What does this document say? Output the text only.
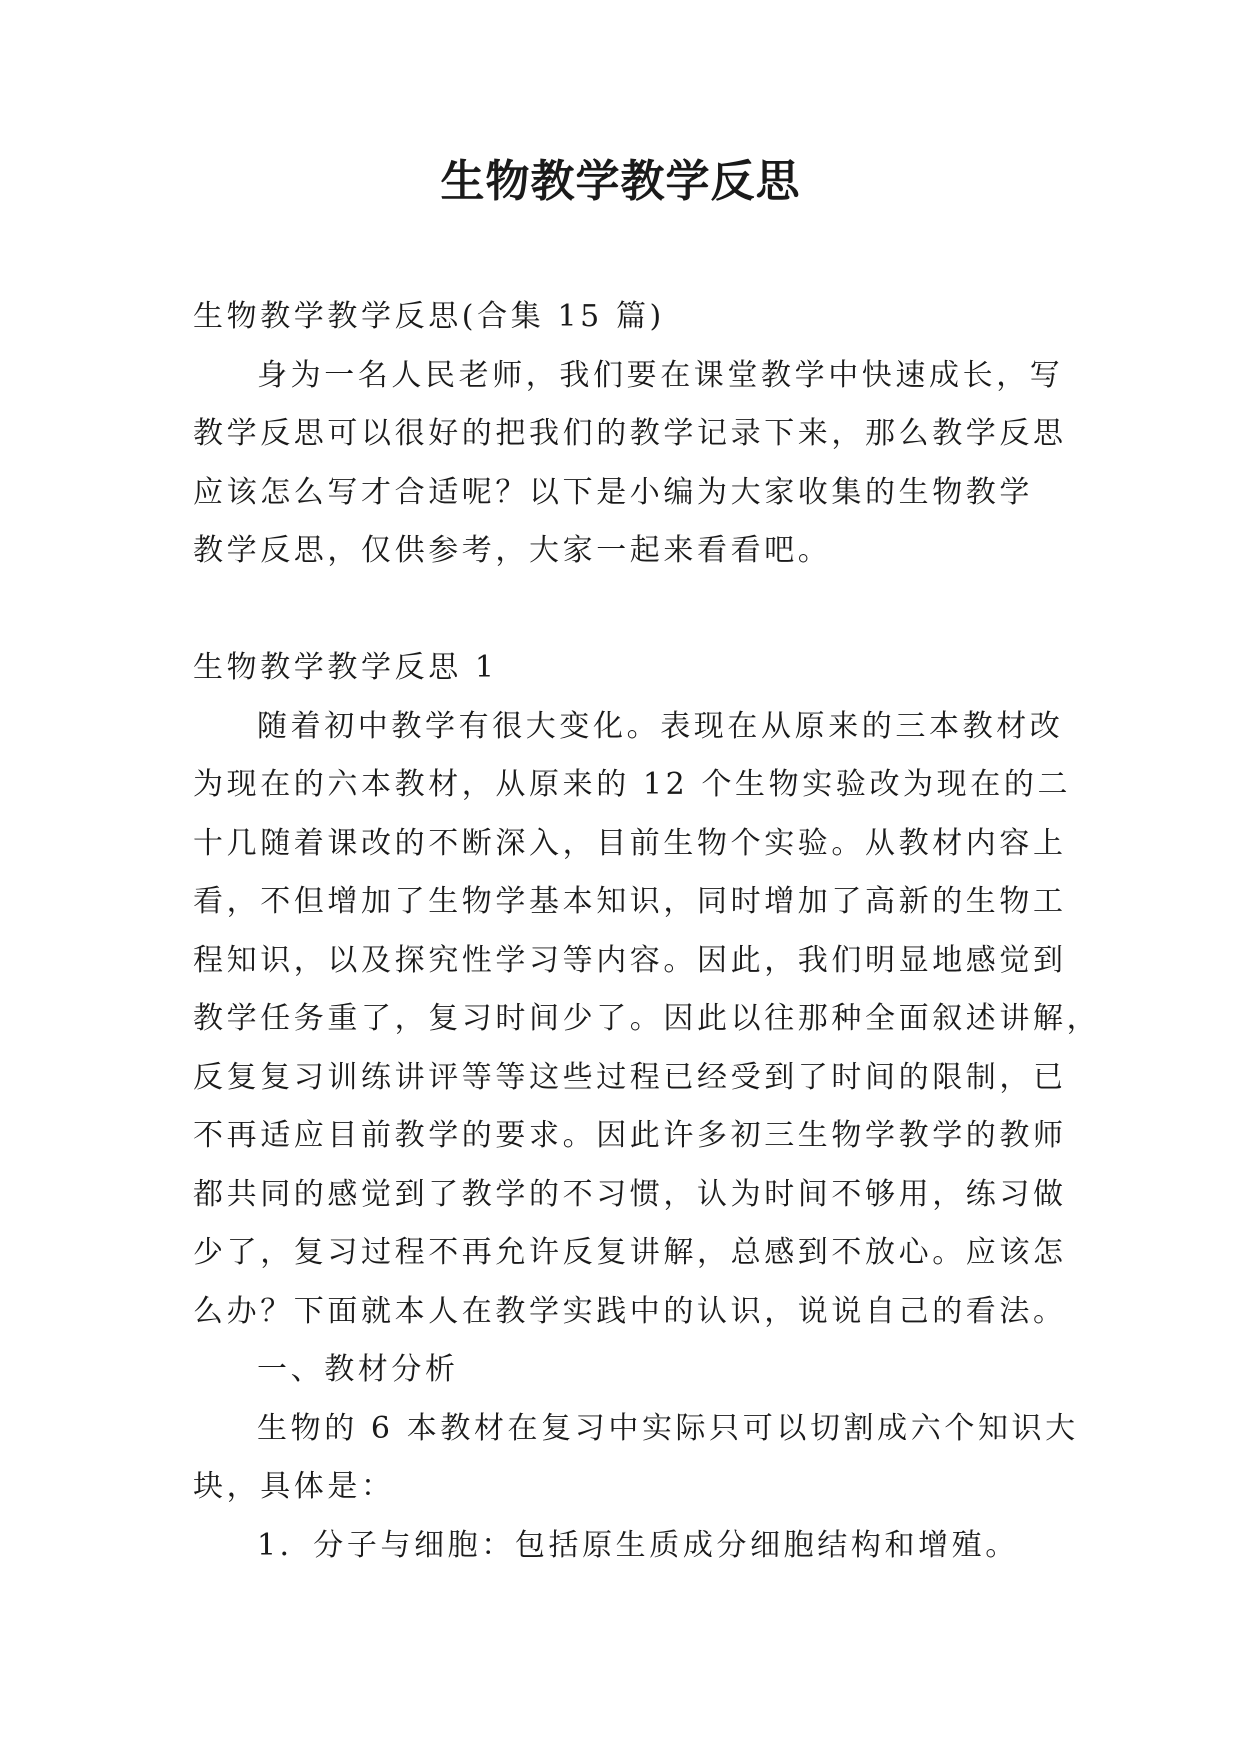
生物教学教学反思
生物教学教学反思(合集 15 篇)
身为一名人民老师，我们要在课堂教学中快速成长，写
教学反思可以很好的把我们的教学记录下来，那么教学反思
应该怎么写才合适呢？以下是小编为大家收集的生物教学
教学反思，仅供参考，大家一起来看看吧。
生物教学教学反思 1
随着初中教学有很大变化。表现在从原来的三本教材改
为现在的六本教材，从原来的 12 个生物实验改为现在的二
十几随着课改的不断深入，目前生物个实验。从教材内容上
看，不但增加了生物学基本知识，同时增加了高新的生物工
程知识，以及探究性学习等内容。因此，我们明显地感觉到
教学任务重了，复习时间少了。因此以往那种全面叙述讲解，
反复复习训练讲评等等这些过程已经受到了时间的限制，已
不再适应目前教学的要求。因此许多初三生物学教学的教师
都共同的感觉到了教学的不习惯，认为时间不够用，练习做
少了，复习过程不再允许反复讲解，总感到不放心。应该怎
么办？下面就本人在教学实践中的认识，说说自己的看法。
一、教材分析
生物的 6 本教材在复习中实际只可以切割成六个知识大
块，具体是：
1．分子与细胞：包括原生质成分细胞结构和增殖。
